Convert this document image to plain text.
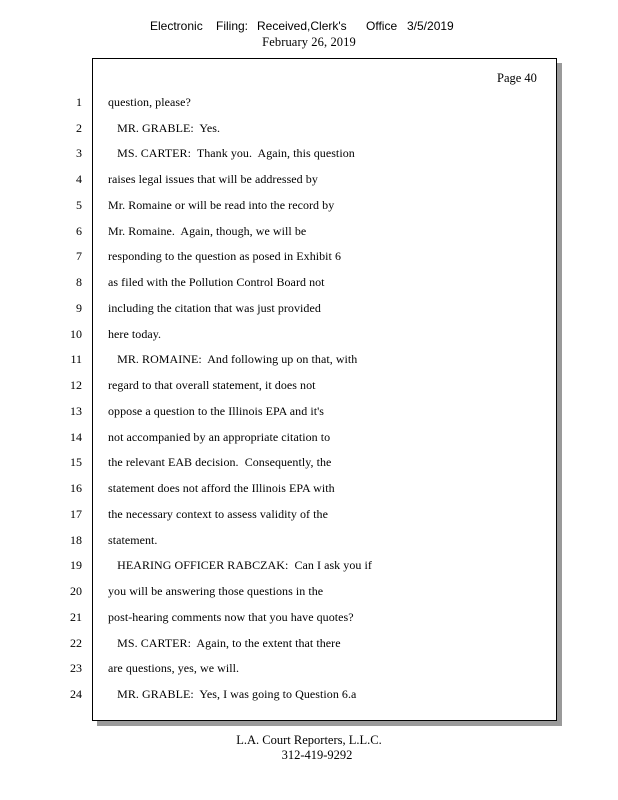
Electronic Filing: Received,Clerk's Office 3/5/2019
February 26, 2019
Page 40
1 question, please?
2 MR. GRABLE:  Yes.
3 MS. CARTER:  Thank you.  Again, this question
4 raises legal issues that will be addressed by
5 Mr. Romaine or will be read into the record by
6 Mr. Romaine.  Again, though, we will be
7 responding to the question as posed in Exhibit 6
8 as filed with the Pollution Control Board not
9 including the citation that was just provided
10 here today.
11 MR. ROMAINE:  And following up on that, with
12 regard to that overall statement, it does not
13 oppose a question to the Illinois EPA and it's
14 not accompanied by an appropriate citation to
15 the relevant EAB decision.  Consequently, the
16 statement does not afford the Illinois EPA with
17 the necessary context to assess validity of the
18 statement.
19 HEARING OFFICER RABCZAK:  Can I ask you if
20 you will be answering those questions in the
21 post-hearing comments now that you have quotes?
22 MS. CARTER:  Again, to the extent that there
23 are questions, yes, we will.
24 MR. GRABLE:  Yes, I was going to Question 6.a
L.A. Court Reporters, L.L.C.
312-419-9292
